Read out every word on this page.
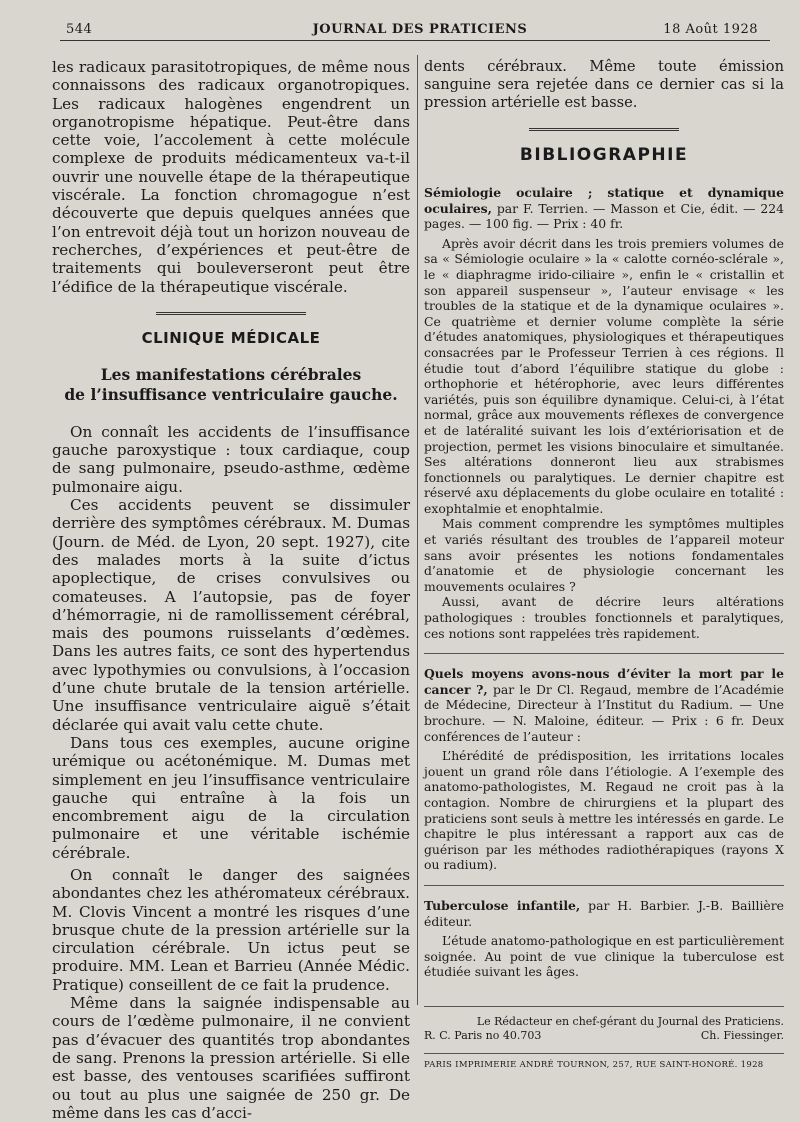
544	JOURNAL DES PRATICIENS	18 Août 1928

les radicaux parasitotropiques, de même nous connaissons des radicaux organotropiques. Les radicaux halogènes engendrent un organotropisme hépatique. Peut-être dans cette voie, l’accolement à cette molécule complexe de produits médicamenteux va-t-il ouvrir une nouvelle étape de la thérapeutique viscérale. La fonction chromagogue n’est découverte que depuis quelques années que l’on entrevoit déjà tout un horizon nouveau de recherches, d’expériences et peut-être de traitements qui bouleverseront peut être l’édifice de la thérapeutique viscérale.

CLINIQUE MÉDICALE
Les manifestations cérébrales
de l’insuffisance ventriculaire gauche.

On connaît les accidents de l’insuffisance gauche paroxystique : toux cardiaque, coup de sang pulmonaire, pseudo-asthme, œdème pulmonaire aigu.

Ces accidents peuvent se dissimuler derrière des symptômes cérébraux. M. Dumas (Journ. de Méd. de Lyon, 20 sept. 1927), cite des malades morts à la suite d’ictus apoplectique, de crises convulsives ou comateuses. A l’autopsie, pas de foyer d’hémorragie, ni de ramollissement cérébral, mais des poumons ruisselants d’œdèmes. Dans les autres faits, ce sont des hypertendus avec lypothymies ou convulsions, à l’occasion d’une chute brutale de la tension artérielle. Une insuffisance ventriculaire aiguë s’était déclarée qui avait valu cette chute.

Dans tous ces exemples, aucune origine urémique ou acétonémique. M. Dumas met simplement en jeu l’insuffisance ventriculaire gauche qui entraîne à la fois un encombrement aigu de la circulation pulmonaire et une véritable ischémie cérébrale.

On connaît le danger des saignées abondantes chez les athéromateux cérébraux. M. Clovis Vincent a montré les risques d’une brusque chute de la pression artérielle sur la circulation cérébrale. Un ictus peut se produire. MM. Lean et Barrieu (Année Médic. Pratique) conseillent de ce fait la prudence.

Même dans la saignée indispensable au cours de l’œdème pulmonaire, il ne convient pas d’évacuer des quantités trop abondantes de sang. Prenons la pression artérielle. Si elle est basse, des ventouses scarifiées suffiront ou tout au plus une saignée de 250 gr. De même dans les cas d’acci-

dents cérébraux. Même toute émission sanguine sera rejetée dans ce dernier cas si la pression artérielle est basse.

BIBLIOGRAPHIE

Sémiologie oculaire ; statique et dynamique oculaires, par F. Terrien. — Masson et Cie, édit. — 224 pages. — 100 fig. — Prix : 40 fr.

Après avoir décrit dans les trois premiers volumes de sa « Sémiologie oculaire » la « calotte cornéo-sclérale », le « diaphragme irido-ciliaire », enfin le « cristallin et son appareil suspenseur », l’auteur envisage « les troubles de la statique et de la dynamique oculaires ». Ce quatrième et dernier volume complète la série d’études anatomiques, physiologiques et thérapeutiques consacrées par le Professeur Terrien à ces régions. Il étudie tout d’abord l’équilibre statique du globe : orthophorie et hétérophorie, avec leurs différentes variétés, puis son équilibre dynamique. Celui-ci, à l’état normal, grâce aux mouvements réflexes de convergence et de latéralité suivant les lois d’extériorisation et de projection, permet les visions binoculaire et simultanée. Ses altérations donneront lieu aux strabismes fonctionnels ou paralytiques. Le dernier chapitre est réservé axu déplacements du globe oculaire en totalité : exophtalmie et enophtalmie.

Mais comment comprendre les symptômes multiples et variés résultant des troubles de l’appareil moteur sans avoir présentes les notions fondamentales d’anatomie et de physiologie concernant les mouvements oculaires ?

Aussi, avant de décrire leurs altérations pathologiques : troubles fonctionnels et paralytiques, ces notions sont rappelées très rapidement.

Quels moyens avons-nous d’éviter la mort par le cancer ?, par le Dr Cl. Regaud, membre de l’Académie de Médecine, Directeur à l’Institut du Radium. — Une brochure. — N. Maloine, éditeur. — Prix : 6 fr. Deux conférences de l’auteur :

L’hérédité de prédisposition, les irritations locales jouent un grand rôle dans l’étiologie. A l’exemple des anatomo-pathologistes, M. Regaud ne croit pas à la contagion. Nombre de chirurgiens et la plupart des praticiens sont seuls à mettre les intéressés en garde. Le chapitre le plus intéressant a rapport aux cas de guérison par les méthodes radiothérapiques (rayons X ou radium).

Tuberculose infantile, par H. Barbier. J.-B. Baillière éditeur.

L’étude anatomo-pathologique en est particulièrement soignée. Au point de vue clinique la tuberculose est étudiée suivant les âges.

Le Rédacteur en chef-gérant du Journal des Praticiens.
R. C. Paris no 40.703	Ch. Fiessinger.
PARIS IMPRIMERIE ANDRÉ TOURNON, 257, RUE SAINT-HONORÉ. 1928
